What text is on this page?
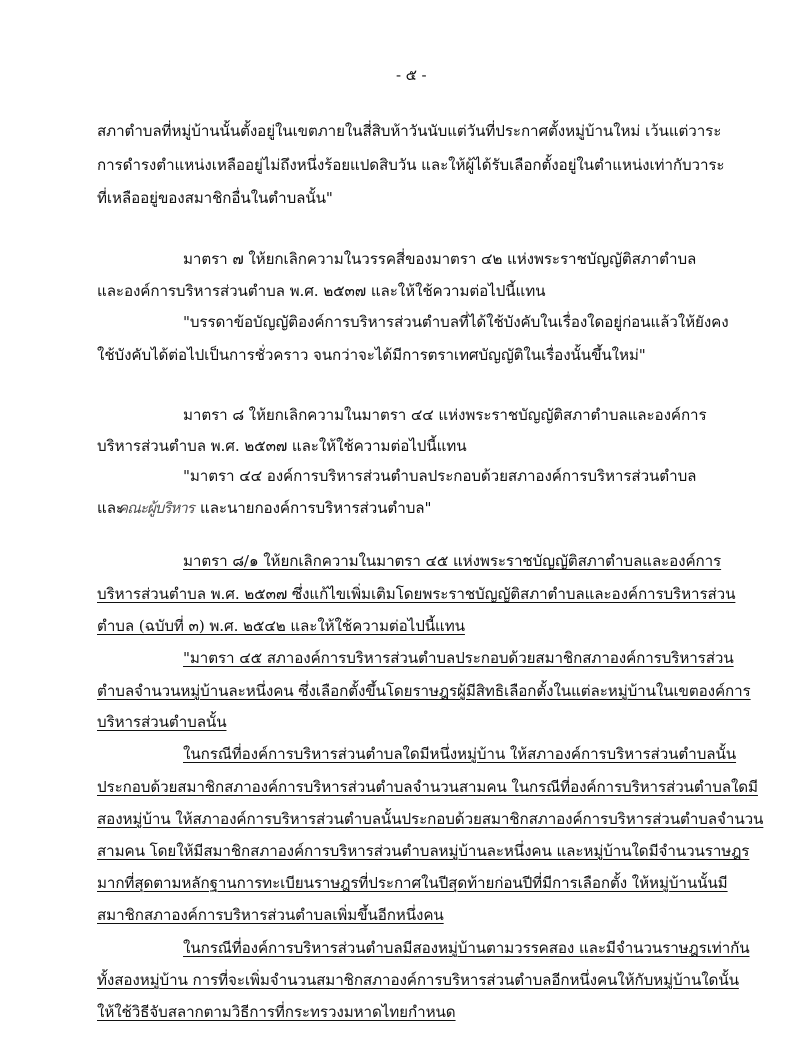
- ๕ -
สภาตำบลที่หมู่บ้านนั้นตั้งอยู่ในเขตภายในสี่สิบห้าวันนับแต่วันที่ประกาศตั้งหมู่บ้านใหม่ เว้นแต่วาระ
การดำรงตำแหน่งเหลืออยู่ไม่ถึงหนึ่งร้อยแปดสิบวัน และให้ผู้ได้รับเลือกตั้งอยู่ในตำแหน่งเท่ากับวาระ
ที่เหลืออยู่ของสมาชิกอื่นในตำบลนั้น"
มาตรา ๗ ให้ยกเลิกความในวรรคสี่ของมาตรา ๔๒ แห่งพระราชบัญญัติสภาตำบล
และองค์การบริหารส่วนตำบล พ.ศ. ๒๕๓๗ และให้ใช้ความต่อไปนี้แทน
"บรรดาข้อบัญญัติองค์การบริหารส่วนตำบลที่ได้ใช้บังคับในเรื่องใดอยู่ก่อนแล้วให้ยังคง
ใช้บังคับได้ต่อไปเป็นการชั่วคราว จนกว่าจะได้มีการตราเทศบัญญัติในเรื่องนั้นขึ้นใหม่"
มาตรา ๘ ให้ยกเลิกความในมาตรา ๔๔ แห่งพระราชบัญญัติสภาตำบลและองค์การ
บริหารส่วนตำบล พ.ศ. ๒๕๓๗ และให้ใช้ความต่อไปนี้แทน
"มาตรา ๔๔ องค์การบริหารส่วนตำบลประกอบด้วยสภาองค์การบริหารส่วนตำบล
และนายกองค์การบริหารส่วนตำบล"
คณะผู้บริหาร
และ
มาตรา ๘/๑ ให้ยกเลิกความในมาตรา ๔๕ แห่งพระราชบัญญัติสภาตำบลและองค์การ
บริหารส่วนตำบล พ.ศ. ๒๕๓๗ ซึ่งแก้ไขเพิ่มเติมโดยพระราชบัญญัติสภาตำบลและองค์การบริหารส่วน
ตำบล (ฉบับที่ ๓) พ.ศ. ๒๕๔๒ และให้ใช้ความต่อไปนี้แทน
"มาตรา ๔๕ สภาองค์การบริหารส่วนตำบลประกอบด้วยสมาชิกสภาองค์การบริหารส่วน
ตำบลจำนวนหมู่บ้านละหนึ่งคน ซึ่งเลือกตั้งขึ้นโดยราษฎรผู้มีสิทธิเลือกตั้งในแต่ละหมู่บ้านในเขตองค์การ
บริหารส่วนตำบลนั้น
ในกรณีที่องค์การบริหารส่วนตำบลใดมีหนึ่งหมู่บ้าน ให้สภาองค์การบริหารส่วนตำบลนั้น
ประกอบด้วยสมาชิกสภาองค์การบริหารส่วนตำบลจำนวนสามคน ในกรณีที่องค์การบริหารส่วนตำบลใดมี
สองหมู่บ้าน ให้สภาองค์การบริหารส่วนตำบลนั้นประกอบด้วยสมาชิกสภาองค์การบริหารส่วนตำบลจำนวน
สามคน โดยให้มีสมาชิกสภาองค์การบริหารส่วนตำบลหมู่บ้านละหนึ่งคน และหมู่บ้านใดมีจำนวนราษฎร
มากที่สุดตามหลักฐานการทะเบียนราษฎรที่ประกาศในปีสุดท้ายก่อนปีที่มีการเลือกตั้ง ให้หมู่บ้านนั้นมี
สมาชิกสภาองค์การบริหารส่วนตำบลเพิ่มขึ้นอีกหนึ่งคน
ในกรณีที่องค์การบริหารส่วนตำบลมีสองหมู่บ้านตามวรรคสอง และมีจำนวนราษฎรเท่ากัน
ทั้งสองหมู่บ้าน การที่จะเพิ่มจำนวนสมาชิกสภาองค์การบริหารส่วนตำบลอีกหนึ่งคนให้กับหมู่บ้านใดนั้น
ให้ใช้วิธีจับสลากตามวิธีการที่กระทรวงมหาดไทยกำหนด
